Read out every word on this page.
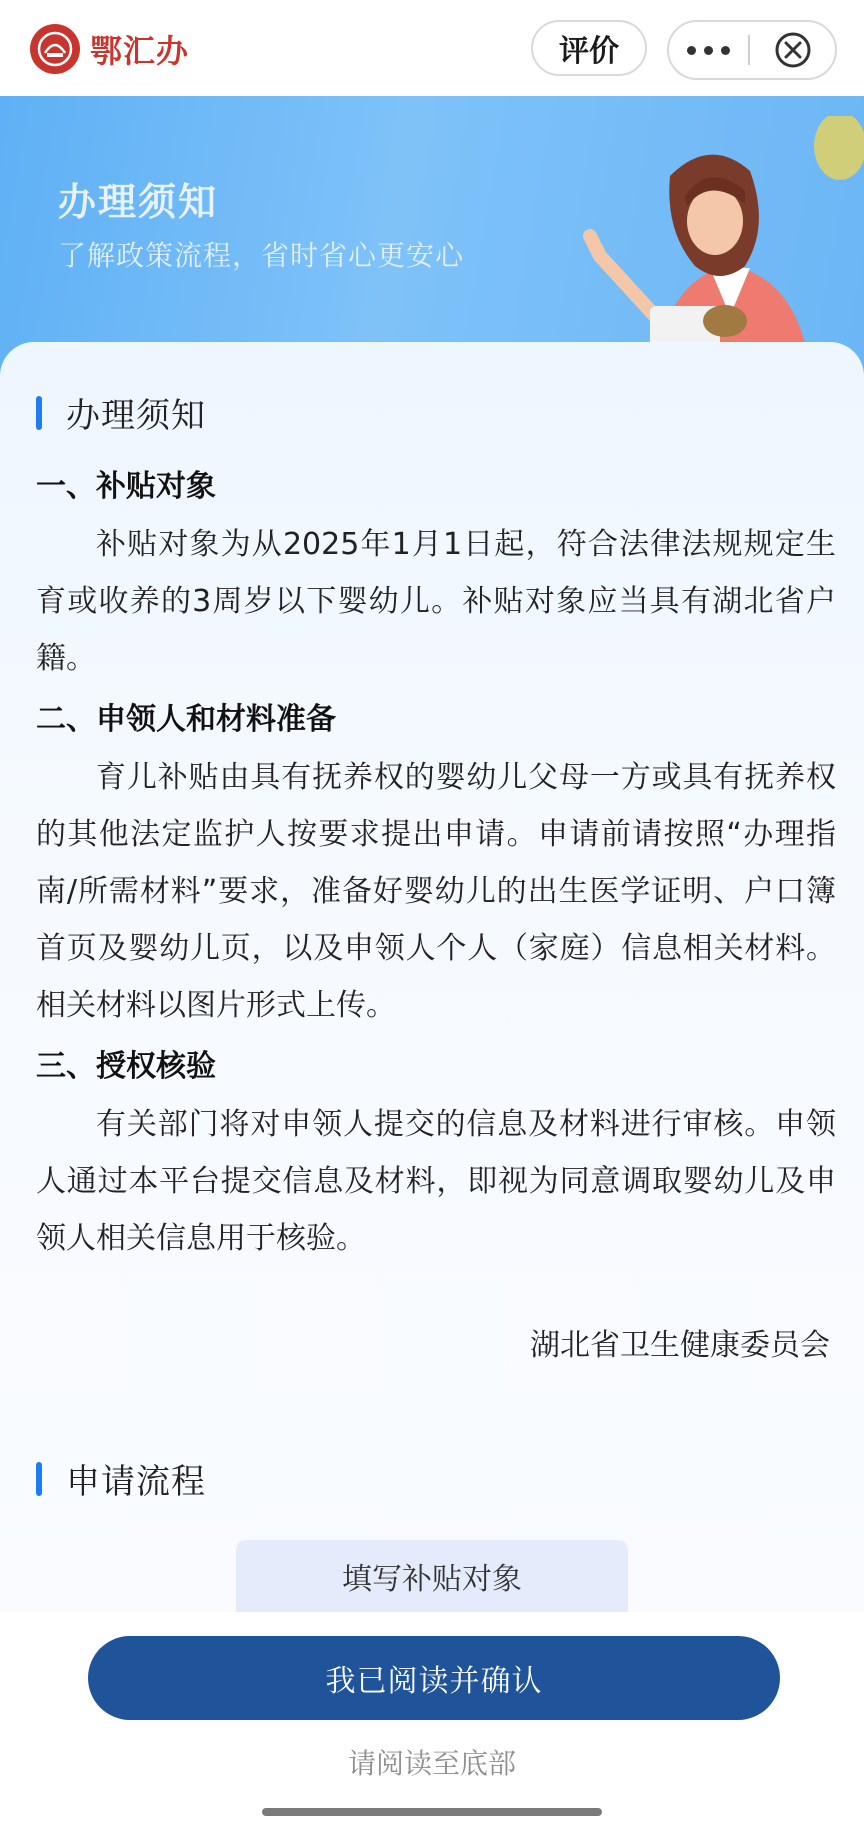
鄂汇办	评价
办理须知
了解政策流程，省时省心更安心
办理须知

一、补贴对象

补贴对象为从2025年1月1日起，符合法律法规规定生育或收养的3周岁以下婴幼儿。补贴对象应当具有湖北省户籍。

二、申领人和材料准备

育儿补贴由具有抚养权的婴幼儿父母一方或具有抚养权的其他法定监护人按要求提出申请。申请前请按照“办理指南/所需材料”要求，准备好婴幼儿的出生医学证明、户口簿首页及婴幼儿页，以及申领人个人（家庭）信息相关材料。相关材料以图片形式上传。

三、授权核验

有关部门将对申领人提交的信息及材料进行审核。申领人通过本平台提交信息及材料，即视为同意调取婴幼儿及申领人相关信息用于核验。

湖北省卫生健康委员会
申请流程
填写补贴对象
我已阅读并确认
请阅读至底部
